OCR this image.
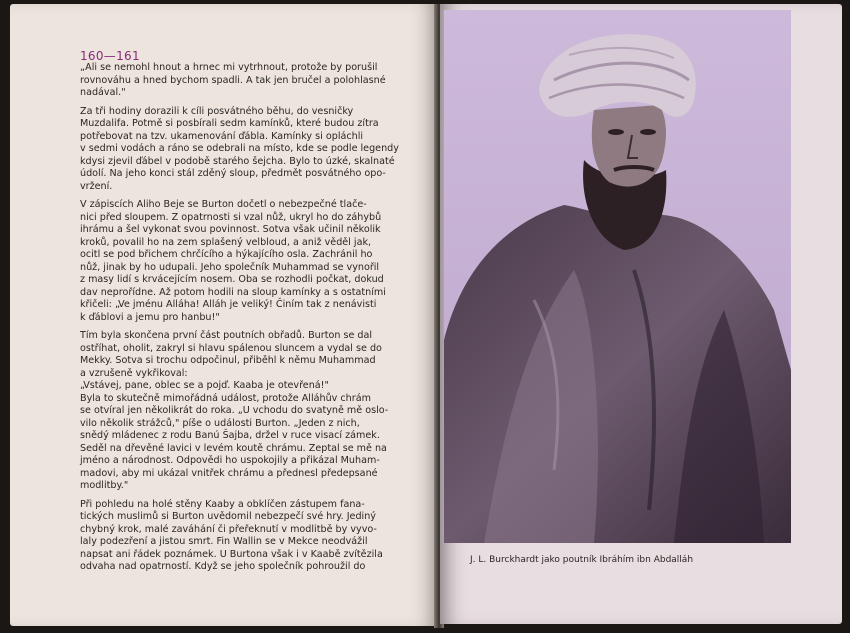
160—161

„Ali se nemohl hnout a hrnec mi vytrhnout, protože by porušil

rovnováhu a hned bychom spadli. A tak jen bručel a polohlasné

nadával."

Za tři hodiny dorazili k cíli posvátného běhu, do vesničky

Muzdalifa. Potmě si posbírali sedm kamínků, které budou zítra

potřebovat na tzv. ukamenování ďábla. Kamínky si opláchli

v sedmi vodách a ráno se odebrali na místo, kde se podle legendy

kdysi zjevil ďábel v podobě starého šejcha. Bylo to úzké, skalnaté

údolí. Na jeho konci stál zděný sloup, předmět posvátného opo-

vržení.

V zápiscích Aliho Beje se Burton dočetl o nebezpečné tlače-

nici před sloupem. Z opatrnosti si vzal nůž, ukryl ho do záhybů

ihrámu a šel vykonat svou povinnost. Sotva však učinil několik

kroků, povalil ho na zem splašený velbloud, a aniž věděl jak,

ocitl se pod břichem chrčícího a hýkajícího osla. Zachránil ho

nůž, jinak by ho udupali. Jeho společník Muhammad se vynořil

z masy lidí s krvácejícím nosem. Oba se rozhodli počkat, dokud

dav neprořídne. Až potom hodili na sloup kamínky a s ostatními

křičeli: „Ve jménu Alláha! Alláh je veliký! Činím tak z nenávisti

k ďáblovi a jemu pro hanbu!"

Tím byla skončena první část poutních obřadů. Burton se dal

ostříhat, oholit, zakryl si hlavu spálenou sluncem a vydal se do

Mekky. Sotva si trochu odpočinul, přiběhl k němu Muhammad

a vzrušeně vykřikoval:

„Vstávej, pane, oblec se a pojď. Kaaba je otevřená!"

Byla to skutečně mimořádná událost, protože Alláhův chrám

se otvíral jen několikrát do roka. „U vchodu do svatyně mě oslo-

vilo několik strážců," píše o události Burton. „Jeden z nich,

snědý mládenec z rodu Banú Šajba, držel v ruce visací zámek.

Seděl na dřevěné lavici v levém koutě chrámu. Zeptal se mě na

jméno a národnost. Odpovědi ho uspokojily a přikázal Muham-

madovi, aby mi ukázal vnitřek chrámu a přednesl předepsané

modlitby."

Při pohledu na holé stěny Kaaby a obklíčen zástupem fana-

tických muslimů si Burton uvědomil nebezpečí své hry. Jediný

chybný krok, malé zaváhání či přeřeknutí v modlitbě by vyvo-

laly podezření a jistou smrt. Fin Wallin se v Mekce neodvážil

napsat ani řádek poznámek. U Burtona však i v Kaabě zvítězila

odvaha nad opatrností. Když se jeho společník pohroužil do

J. L. Burckhardt jako poutník Ibráhím ibn Abdalláh
